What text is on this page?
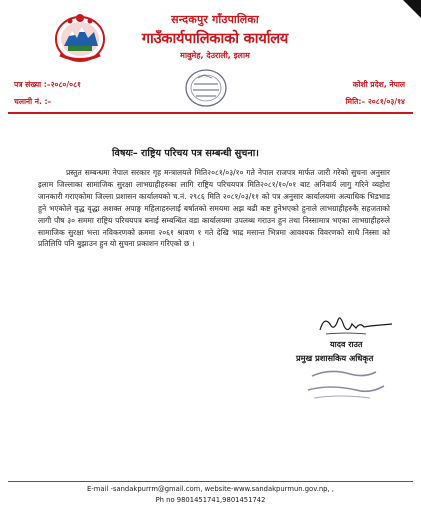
सन्दकपुर गाँउपालिका
गाउँकार्यपालिकाको कार्यालय
मावुमेह, देउराली, इलाम
पत्र संख्या :–२०८०/०८१	कोशी प्रदेश, नेपाल
चलानी नं. :–	मिति:– २०८१/०३/१४
विषयः– राष्ट्रिय परिचय पत्र सम्बन्धी सुचना।
प्रस्तुत सम्बन्धमा नेपाल सरकार गृह मन्त्रालयले मिति२०८१/०३/१० गते नेपाल राजपत्र मार्फत जारी गरेको सुचना अनुसार इलाम जिल्लाका सामाजिक सुरक्षा लाभग्राहीहरुका लागि राष्ट्रिय परिचयपत्र मिति२०८१/१०/०१ बाट अनिवार्य लागु गरिने व्यहोरा जानकारी गराएकोमा जिल्ला प्रशासन कार्यालयको च.नं. २९८६ मिति २०८१/०३/११ को पत्र अनुसार कार्यालयमा अत्याधिक भिडभाड हुने भएकोले वृद्ध वृद्धा अशक्त अपाङ्ग महिलाहरुलाई बर्षातको समयमा अझ बढी कष्ट हुनेभएको हुनाले लाभग्राहीहरुकै सहजताको लागी पौष ३० सममा राष्ट्रिय परिचयपत्र बनाई सम्बन्धित वडा कार्यालयमा उपलब्ध गराउन हुन तथा निस्सामात्र भएका लाभग्राहीहरुले सामाजिक सुरक्षा भत्ता नविकरणको क्रममा २०६१ श्रावण १ गते देखि भाद्र मसान्त भित्रमा आवश्यक विवरणको साथै निस्सा को प्रतिलिपि पनि बुझाउन हुन यो सुचना प्रकाशन गरिएको छ ।
यादव राउत
प्रमुख प्रशासकिय अधिकृत
E-mail -sandakpurrm@gmail.com, website-www.sandakpurmun.gov.np, ,
Ph no 9801451741,9801451742
